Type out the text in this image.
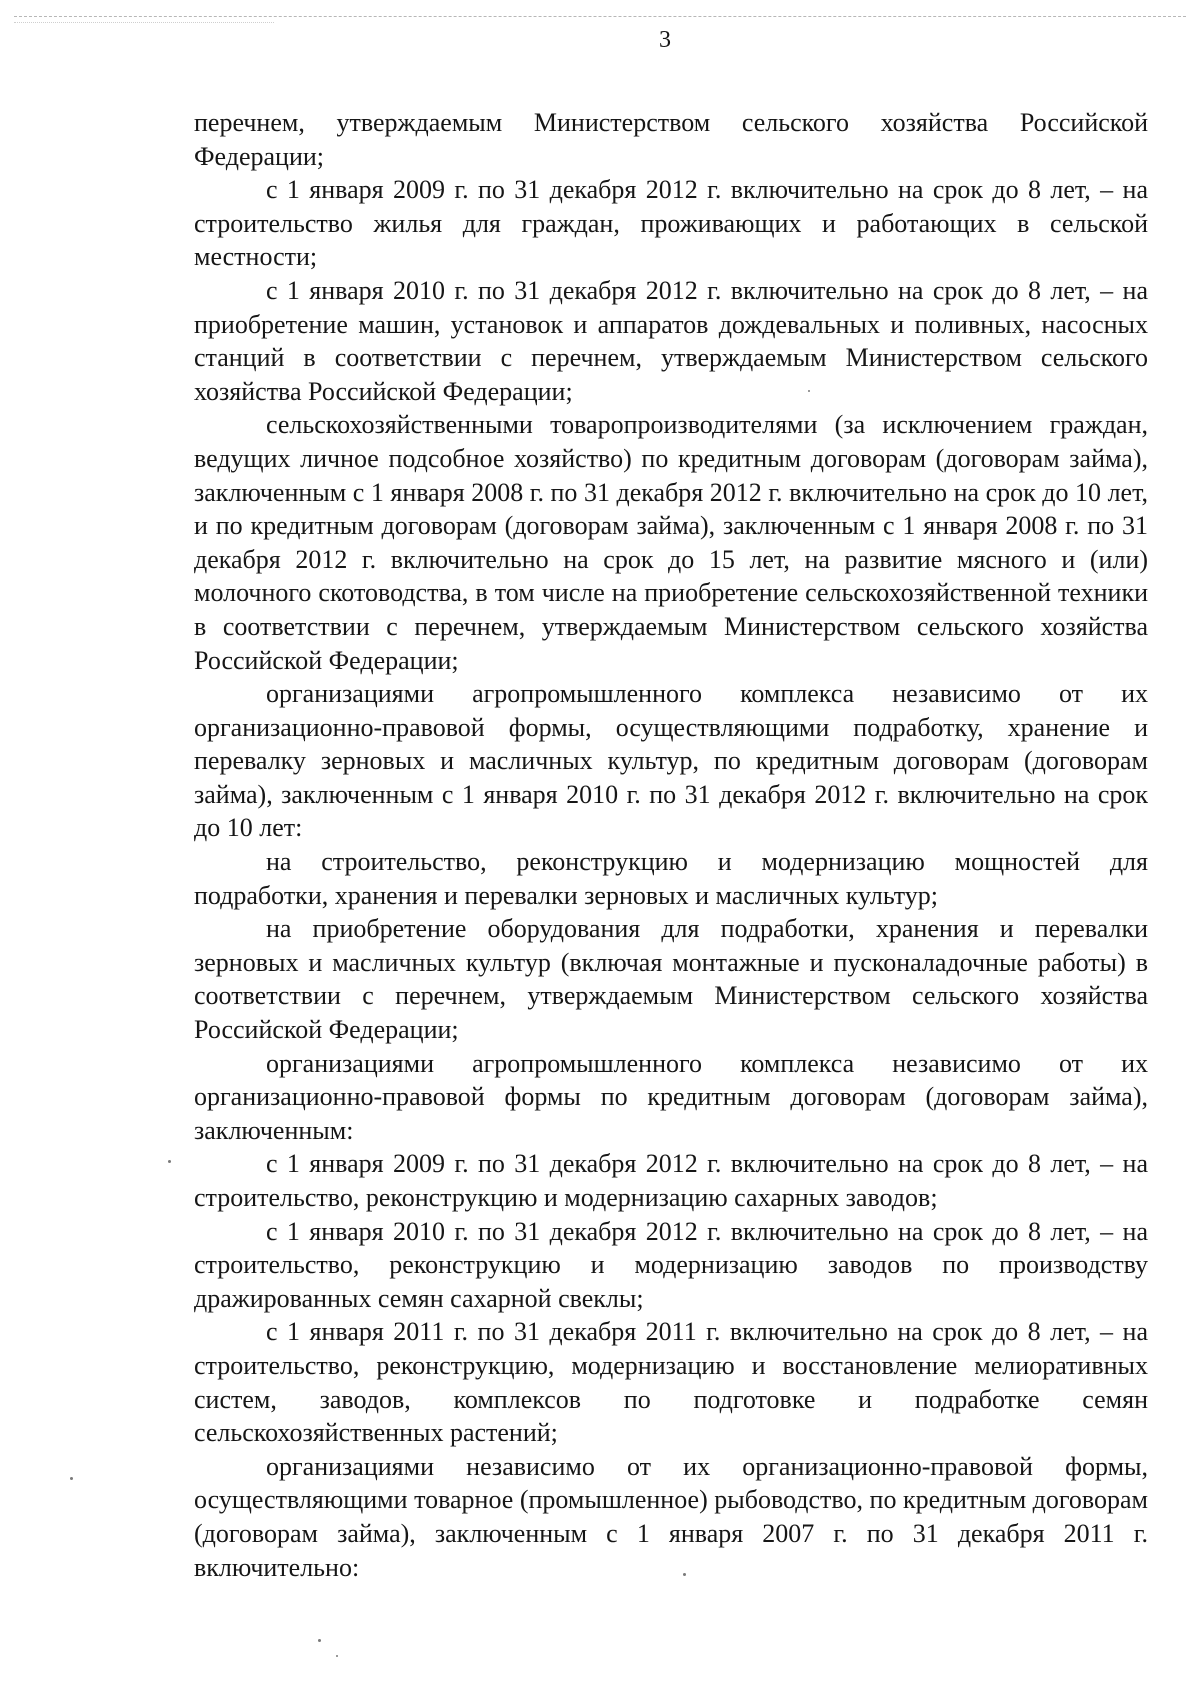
3

перечнем, утверждаемым Министерством сельского хозяйства Российской Федерации;

с 1 января 2009 г. по 31 декабря 2012 г. включительно на срок до 8 лет, – на строительство жилья для граждан, проживающих и работающих в сельской местности;

с 1 января 2010 г. по 31 декабря 2012 г. включительно на срок до 8 лет, – на приобретение машин, установок и аппаратов дождевальных и поливных, насосных станций в соответствии с перечнем, утверждаемым Министерством сельского хозяйства Российской Федерации;

сельскохозяйственными товаропроизводителями (за исключением граждан, ведущих личное подсобное хозяйство) по кредитным договорам (договорам займа), заключенным с 1 января 2008 г. по 31 декабря 2012 г. включительно на срок до 10 лет, и по кредитным договорам (договорам займа), заключенным с 1 января 2008 г. по 31 декабря 2012 г. включительно на срок до 15 лет, на развитие мясного и (или) молочного скотоводства, в том числе на приобретение сельскохозяйственной техники в соответствии с перечнем, утверждаемым Министерством сельского хозяйства Российской Федерации;

организациями агропромышленного комплекса независимо от их организационно-правовой формы, осуществляющими подработку, хранение и перевалку зерновых и масличных культур, по кредитным договорам (договорам займа), заключенным с 1 января 2010 г. по 31 декабря 2012 г. включительно на срок до 10 лет:

на строительство, реконструкцию и модернизацию мощностей для подработки, хранения и перевалки зерновых и масличных культур;

на приобретение оборудования для подработки, хранения и перевалки зерновых и масличных культур (включая монтажные и пусконаладочные работы) в соответствии с перечнем, утверждаемым Министерством сельского хозяйства Российской Федерации;

организациями агропромышленного комплекса независимо от их организационно-правовой формы по кредитным договорам (договорам займа), заключенным:

с 1 января 2009 г. по 31 декабря 2012 г. включительно на срок до 8 лет, – на строительство, реконструкцию и модернизацию сахарных заводов;

с 1 января 2010 г. по 31 декабря 2012 г. включительно на срок до 8 лет, – на строительство, реконструкцию и модернизацию заводов по производству дражированных семян сахарной свеклы;

с 1 января 2011 г. по 31 декабря 2011 г. включительно на срок до 8 лет, – на строительство, реконструкцию, модернизацию и восстановление мелиоративных систем, заводов, комплексов по подготовке и подработке семян сельскохозяйственных растений;

организациями независимо от их организационно-правовой формы, осуществляющими товарное (промышленное) рыбоводство, по кредитным договорам (договорам займа), заключенным с 1 января 2007 г. по 31 декабря 2011 г. включительно:
